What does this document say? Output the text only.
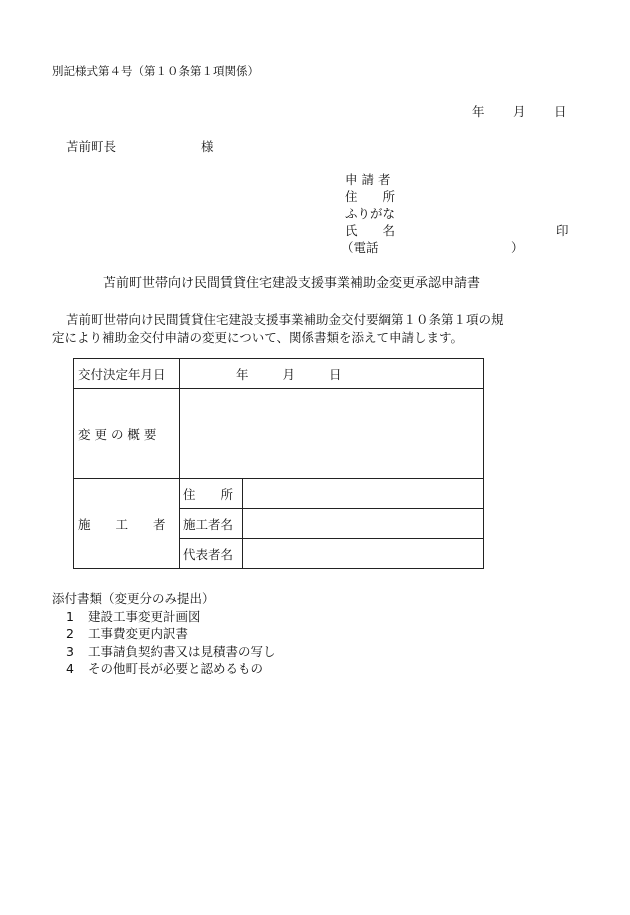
別記様式第４号（第１０条第１項関係）
年 月 日
苫前町長	様
申 請 者
住　　所
ふりがな
氏　　名	印
（電話	）
苫前町世帯向け民間賃貸住宅建設支援事業補助金変更承認申請書
苫前町世帯向け民間賃貸住宅建設支援事業補助金交付要綱第１０条第１項の規
定により補助金交付申請の変更について、関係書類を添えて申請します。
交付決定年月日	年 月 日	
変 更 の 概 要		
施　　工　　者	住　　所	
	施工者名	
	代表者名	
添付書類（変更分のみ提出）
1 建設工事変更計画図
2 工事費変更内訳書
3 工事請負契約書又は見積書の写し
4 その他町長が必要と認めるもの
